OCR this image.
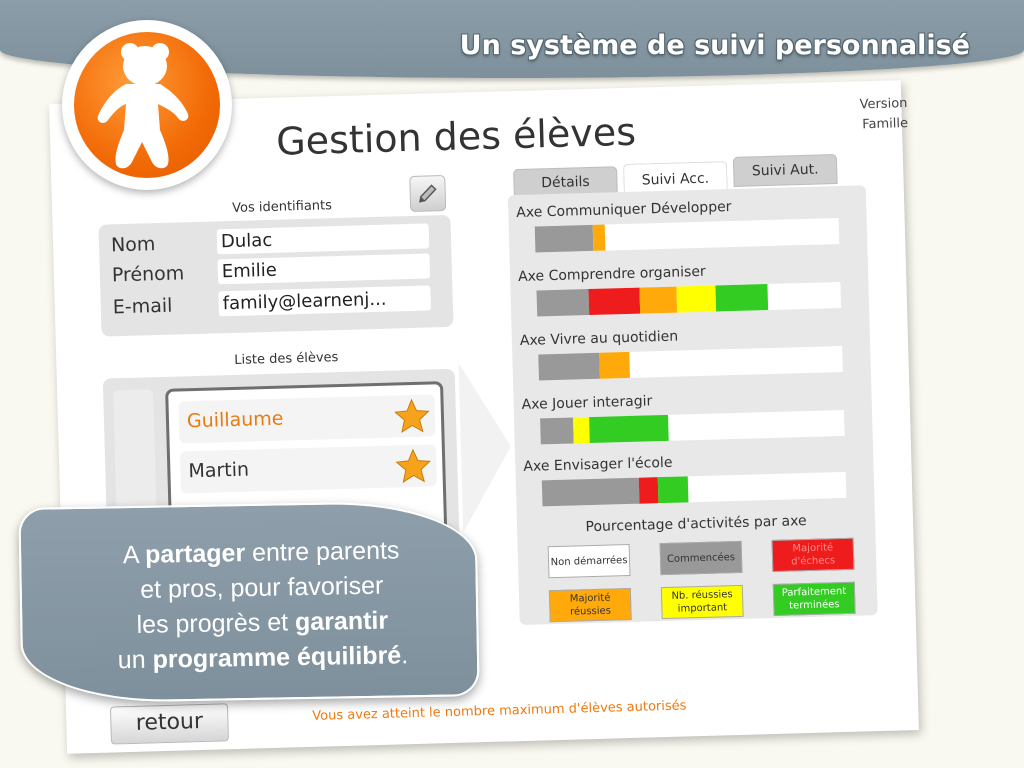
Un système de suivi personnalisé
Gestion des élèves
Version
Famille
Vos identifiants
Nom	Dulac
Prénom Emilie
E-mail	family@learnenj...
Liste des élèves
Guillaume
Martin
Détails	Suivi Acc.	Suivi Aut.
Axe Communiquer Développer
Axe Comprendre organiser
Axe Vivre au quotidien
Axe Jouer interagir
Axe Envisager l'école
Pourcentage d'activités par axe
Non démarrées	Commencées
Majorité d'échecs
Majorité réussies
Nb. réussies important
Parfaitement terminées
retour	Vous avez atteint le nombre maximum d'élèves autorisés
A partager entre parents
et pros, pour favoriser
les progrès et garantir
un programme équilibré.
